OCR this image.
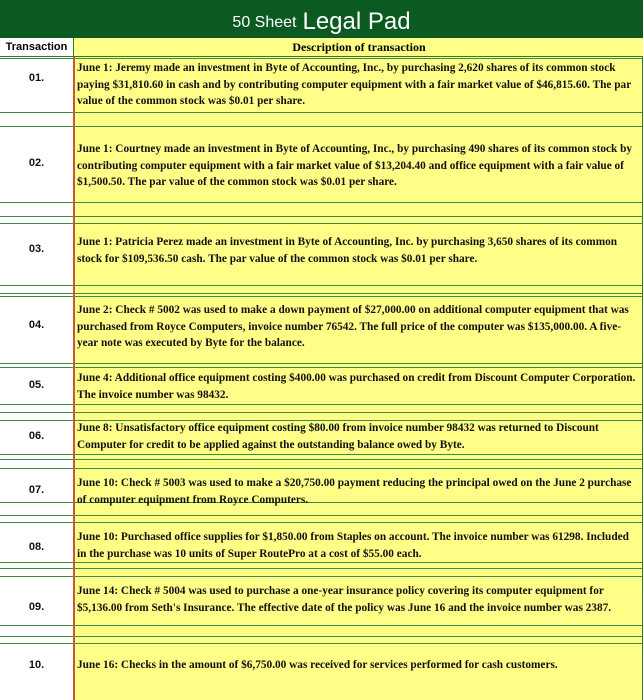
50 Sheet Legal Pad
Transaction	Description of transaction
01.
June 1: Jeremy made an investment in Byte of Accounting, Inc., by purchasing 2,620 shares of its common stock paying $31,810.60 in cash and by contributing computer equipment with a fair market value of $46,815.60. The par value of the common stock was $0.01 per share.
02.
June 1: Courtney made an investment in Byte of Accounting, Inc., by purchasing 490 shares of its common stock by contributing computer equipment with a fair market value of $13,204.40 and office equipment with a fair value of $1,500.50. The par value of the common stock was $0.01 per share.
03.
June 1: Patricia Perez made an investment in Byte of Accounting, Inc. by purchasing 3,650 shares of its common stock for $109,536.50 cash. The par value of the common stock was $0.01 per share.
04.
June 2: Check # 5002 was used to make a down payment of $27,000.00 on additional computer equipment that was purchased from Royce Computers, invoice number 76542. The full price of the computer was $135,000.00. A five-year note was executed by Byte for the balance.
05.
June 4: Additional office equipment costing $400.00 was purchased on credit from Discount Computer Corporation. The invoice number was 98432.
06.
June 8: Unsatisfactory office equipment costing $80.00 from invoice number 98432 was returned to Discount Computer for credit to be applied against the outstanding balance owed by Byte.
07.
June 10: Check # 5003 was used to make a $20,750.00 payment reducing the principal owed on the June 2 purchase of computer equipment from Royce Computers.
08.
June 10: Purchased office supplies for $1,850.00 from Staples on account. The invoice number was 61298. Included in the purchase was 10 units of Super RoutePro at a cost of $55.00 each.
09.
June 14: Check # 5004 was used to purchase a one-year insurance policy covering its computer equipment for $5,136.00 from Seth's Insurance. The effective date of the policy was June 16 and the invoice number was 2387.
10.	June 16: Checks in the amount of $6,750.00 was received for services performed for cash customers.
